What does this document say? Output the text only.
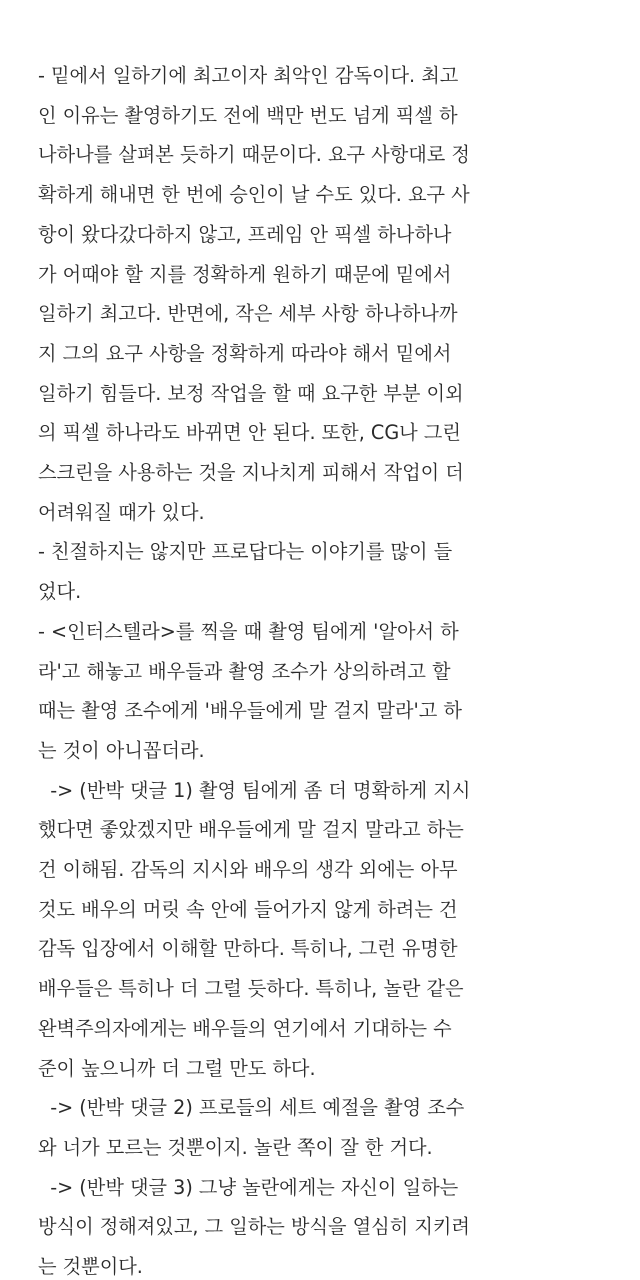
- 밑에서 일하기에 최고이자 최악인 감독이다. 최고
인 이유는 촬영하기도 전에 백만 번도 넘게 픽셀 하
나하나를 살펴본 듯하기 때문이다. 요구 사항대로 정
확하게 해내면 한 번에 승인이 날 수도 있다. 요구 사
항이 왔다갔다하지 않고, 프레임 안 픽셀 하나하나
가 어때야 할 지를 정확하게 원하기 때문에 밑에서
일하기 최고다. 반면에, 작은 세부 사항 하나하나까
지 그의 요구 사항을 정확하게 따라야 해서 밑에서
일하기 힘들다. 보정 작업을 할 때 요구한 부분 이외
의 픽셀 하나라도 바뀌면 안 된다. 또한, CG나 그린
스크린을 사용하는 것을 지나치게 피해서 작업이 더
어려워질 때가 있다.
- 친절하지는 않지만 프로답다는 이야기를 많이 들
었다.
- <인터스텔라>를 찍을 때 촬영 팀에게 '알아서 하
라'고 해놓고 배우들과 촬영 조수가 상의하려고 할
때는 촬영 조수에게 '배우들에게 말 걸지 말라'고 하
는 것이 아니꼽더라.
-> (반박 댓글 1) 촬영 팀에게 좀 더 명확하게 지시
했다면 좋았겠지만 배우들에게 말 걸지 말라고 하는
건 이해됨. 감독의 지시와 배우의 생각 외에는 아무
것도 배우의 머릿 속 안에 들어가지 않게 하려는 건
감독 입장에서 이해할 만하다. 특히나, 그런 유명한
배우들은 특히나 더 그럴 듯하다. 특히나, 놀란 같은
완벽주의자에게는 배우들의 연기에서 기대하는 수
준이 높으니까 더 그럴 만도 하다.
-> (반박 댓글 2) 프로들의 세트 예절을 촬영 조수
와 너가 모르는 것뿐이지. 놀란 쪽이 잘 한 거다.
-> (반박 댓글 3) 그냥 놀란에게는 자신이 일하는
방식이 정해져있고, 그 일하는 방식을 열심히 지키려
는 것뿐이다.
